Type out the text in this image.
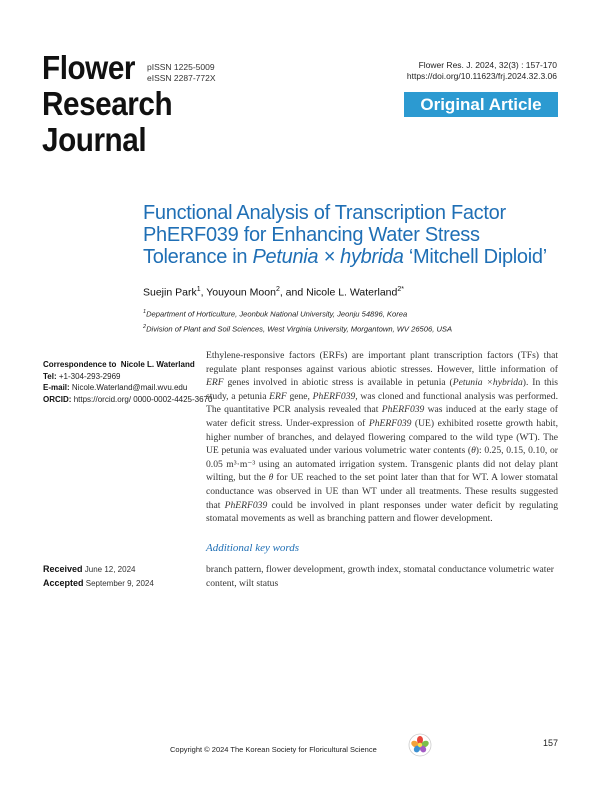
Flower
Research
Journal
pISSN 1225-5009
eISSN 2287-772X
Flower Res. J. 2024, 32(3) : 157-170
https://doi.org/10.11623/frj.2024.32.3.06
Original Article
Functional Analysis of Transcription Factor
PhERF039 for Enhancing Water Stress
Tolerance in Petunia × hybrida ‘Mitchell Diploid’
Suejin Park$^1$, Youyoun Moon$^2$, and Nicole L. Waterland$^{2*}$
$^1$Department of Horticulture, Jeonbuk National University, Jeonju 54896, Korea
$^2$Division of Plant and Soil Sciences, West Virginia University, Morgantown, WV 26506, USA
Correspondence to Nicole L. Waterland
Tel: +1-304-293-2969
E-mail: Nicole.Waterland@mail.wvu.edu
ORCID: https://orcid.org/ 0000-0002-4425-3670
Ethylene-responsive factors (ERFs) are important plant transcription factors (TFs) that regulate plant responses against various abiotic stresses. However, little information of ERF genes involved in abiotic stress is available in petunia (Petunia ×hybrida). In this study, a petunia ERF gene, PhERF039, was cloned and functional analysis was performed. The quantitative PCR analysis revealed that PhERF039 was induced at the early stage of water deficit stress. Under-expression of PhERF039 (UE) exhibited rosette growth habit, higher number of branches, and delayed flowering compared to the wild type (WT). The UE petunia was evaluated under various volumetric water contents (θ): 0.25, 0.15, 0.10, or 0.05 m³·m⁻³ using an automated irrigation system. Transgenic plants did not delay plant wilting, but the θ for UE reached to the set point later than that for WT. A lower stomatal conductance was observed in UE than WT under all treatments. These results suggested that PhERF039 could be involved in plant responses under water deficit by regulating stomatal movements as well as branching pattern and flower development.
Additional key words
branch pattern, flower development, growth index, stomatal conductance volumetric water content, wilt status
Received June 12, 2024
Accepted September 9, 2024
Copyright © 2024 The Korean Society for Floricultural Science
157
